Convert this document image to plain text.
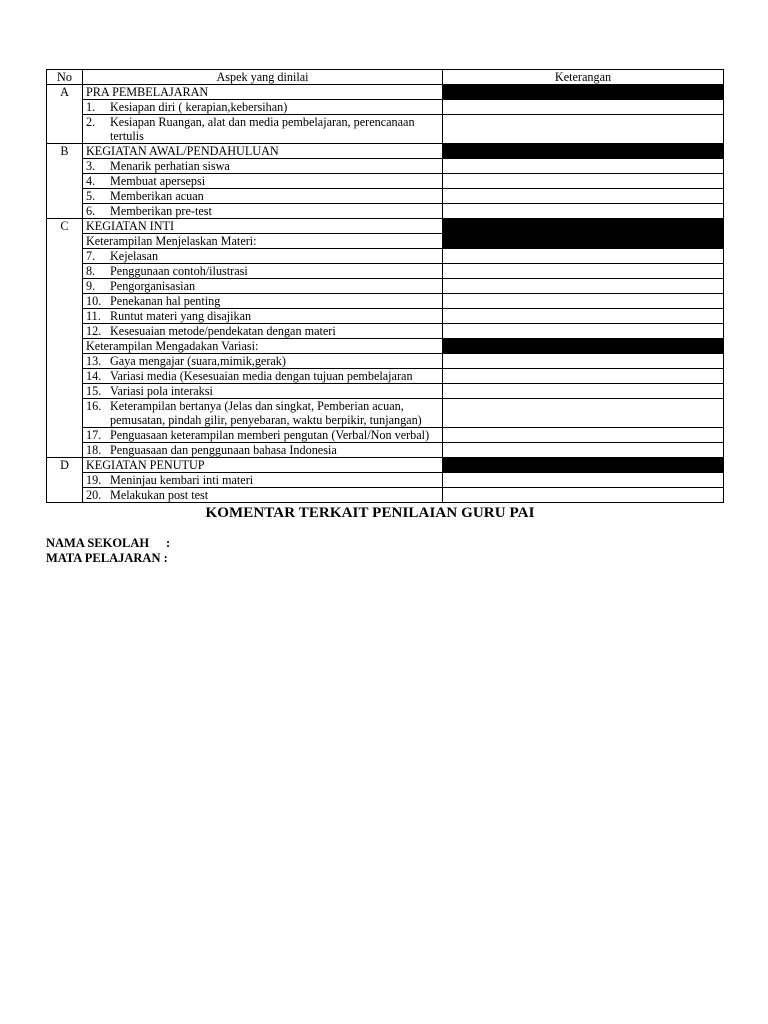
No	Aspek yang dinilai	Keterangan
A	PRA PEMBELAJARAN	

	1. Kesiapan diri ( kerapian,kebersihan)	

	2. Kesiapan Ruangan, alat dan media pembelajaran, perencanaan tertulis	

B	KEGIATAN AWAL/PENDAHULUAN	

	3. Menarik perhatian siswa	

	4. Membuat apersepsi	

	5. Memberikan acuan	

	6. Memberikan pre-test	

C	KEGIATAN INTI	
	Keterampilan Menjelaskan Materi:	

	7. Kejelasan	

	8. Penggunaan contoh/ilustrasi	

	9. Pengorganisasian	

	10. Penekanan hal penting	

	11. Runtut materi yang disajikan	

	12. Kesesuaian metode/pendekatan dengan materi	

	Keterampilan Mengadakan Variasi:	

	13. Gaya mengajar (suara,mimik,gerak)	

	14. Variasi media (Kesesuaian media dengan tujuan pembelajaran	

	15. Variasi pola interaksi	

	16. Keterampilan bertanya (Jelas dan singkat, Pemberian acuan, pemusatan, pindah gilir, penyebaran, waktu berpikir, tunjangan)	

	17. Penguasaan keterampilan memberi pengutan (Verbal/Non verbal)	

	18. Penguasaan dan penggunaan bahasa Indonesia	

D	KEGIATAN PENUTUP	

	19. Meninjau kembari inti materi	

	20. Melakukan post test	

KOMENTAR TERKAIT PENILAIAN GURU PAI
NAMA SEKOLAH	:
MATA PELAJARAN :
